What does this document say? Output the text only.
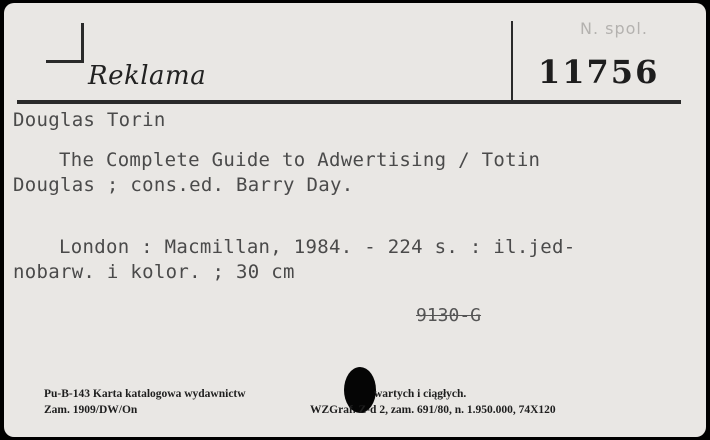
Reklama
N. spol.
11756
Douglas Torin
The Complete Guide to Adwertising / Totin
Douglas ; cons.ed. Barry Day.
London : Macmillan, 1984. - 224 s. : il.jed-
nobarw. i kolor. ; 30 cm
9130-G
Pu-B-143 Karta katalogowa wydawnictw	wartych i ciągłych.
Zam. 1909/DW/On	WZGraf. Z-d 2, zam. 691/80, n. 1.950.000, 74X120
